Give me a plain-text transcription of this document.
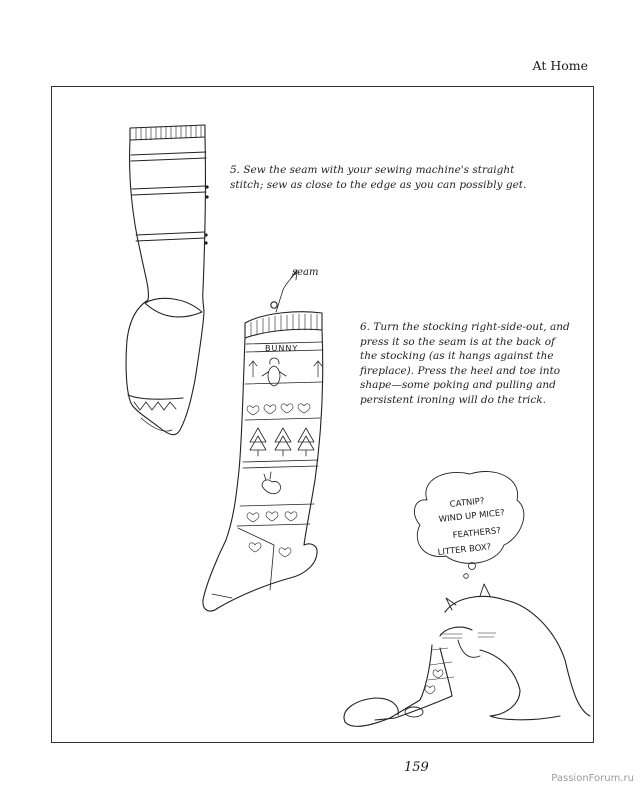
At Home
5. Sew the seam with your sewing machine's straight stitch; sew as close to the edge as you can possibly get.
6. Turn the stocking right-side-out, and press it so the seam is at the back of the stocking (as it hangs against the fireplace). Press the heel and toe into shape—some poking and pulling and persistent ironing will do the trick.
seam
BUNNY
CATNIP?
WIND UP MICE?
FEATHERS?
LITTER BOX?
159
PassionForum.ru
